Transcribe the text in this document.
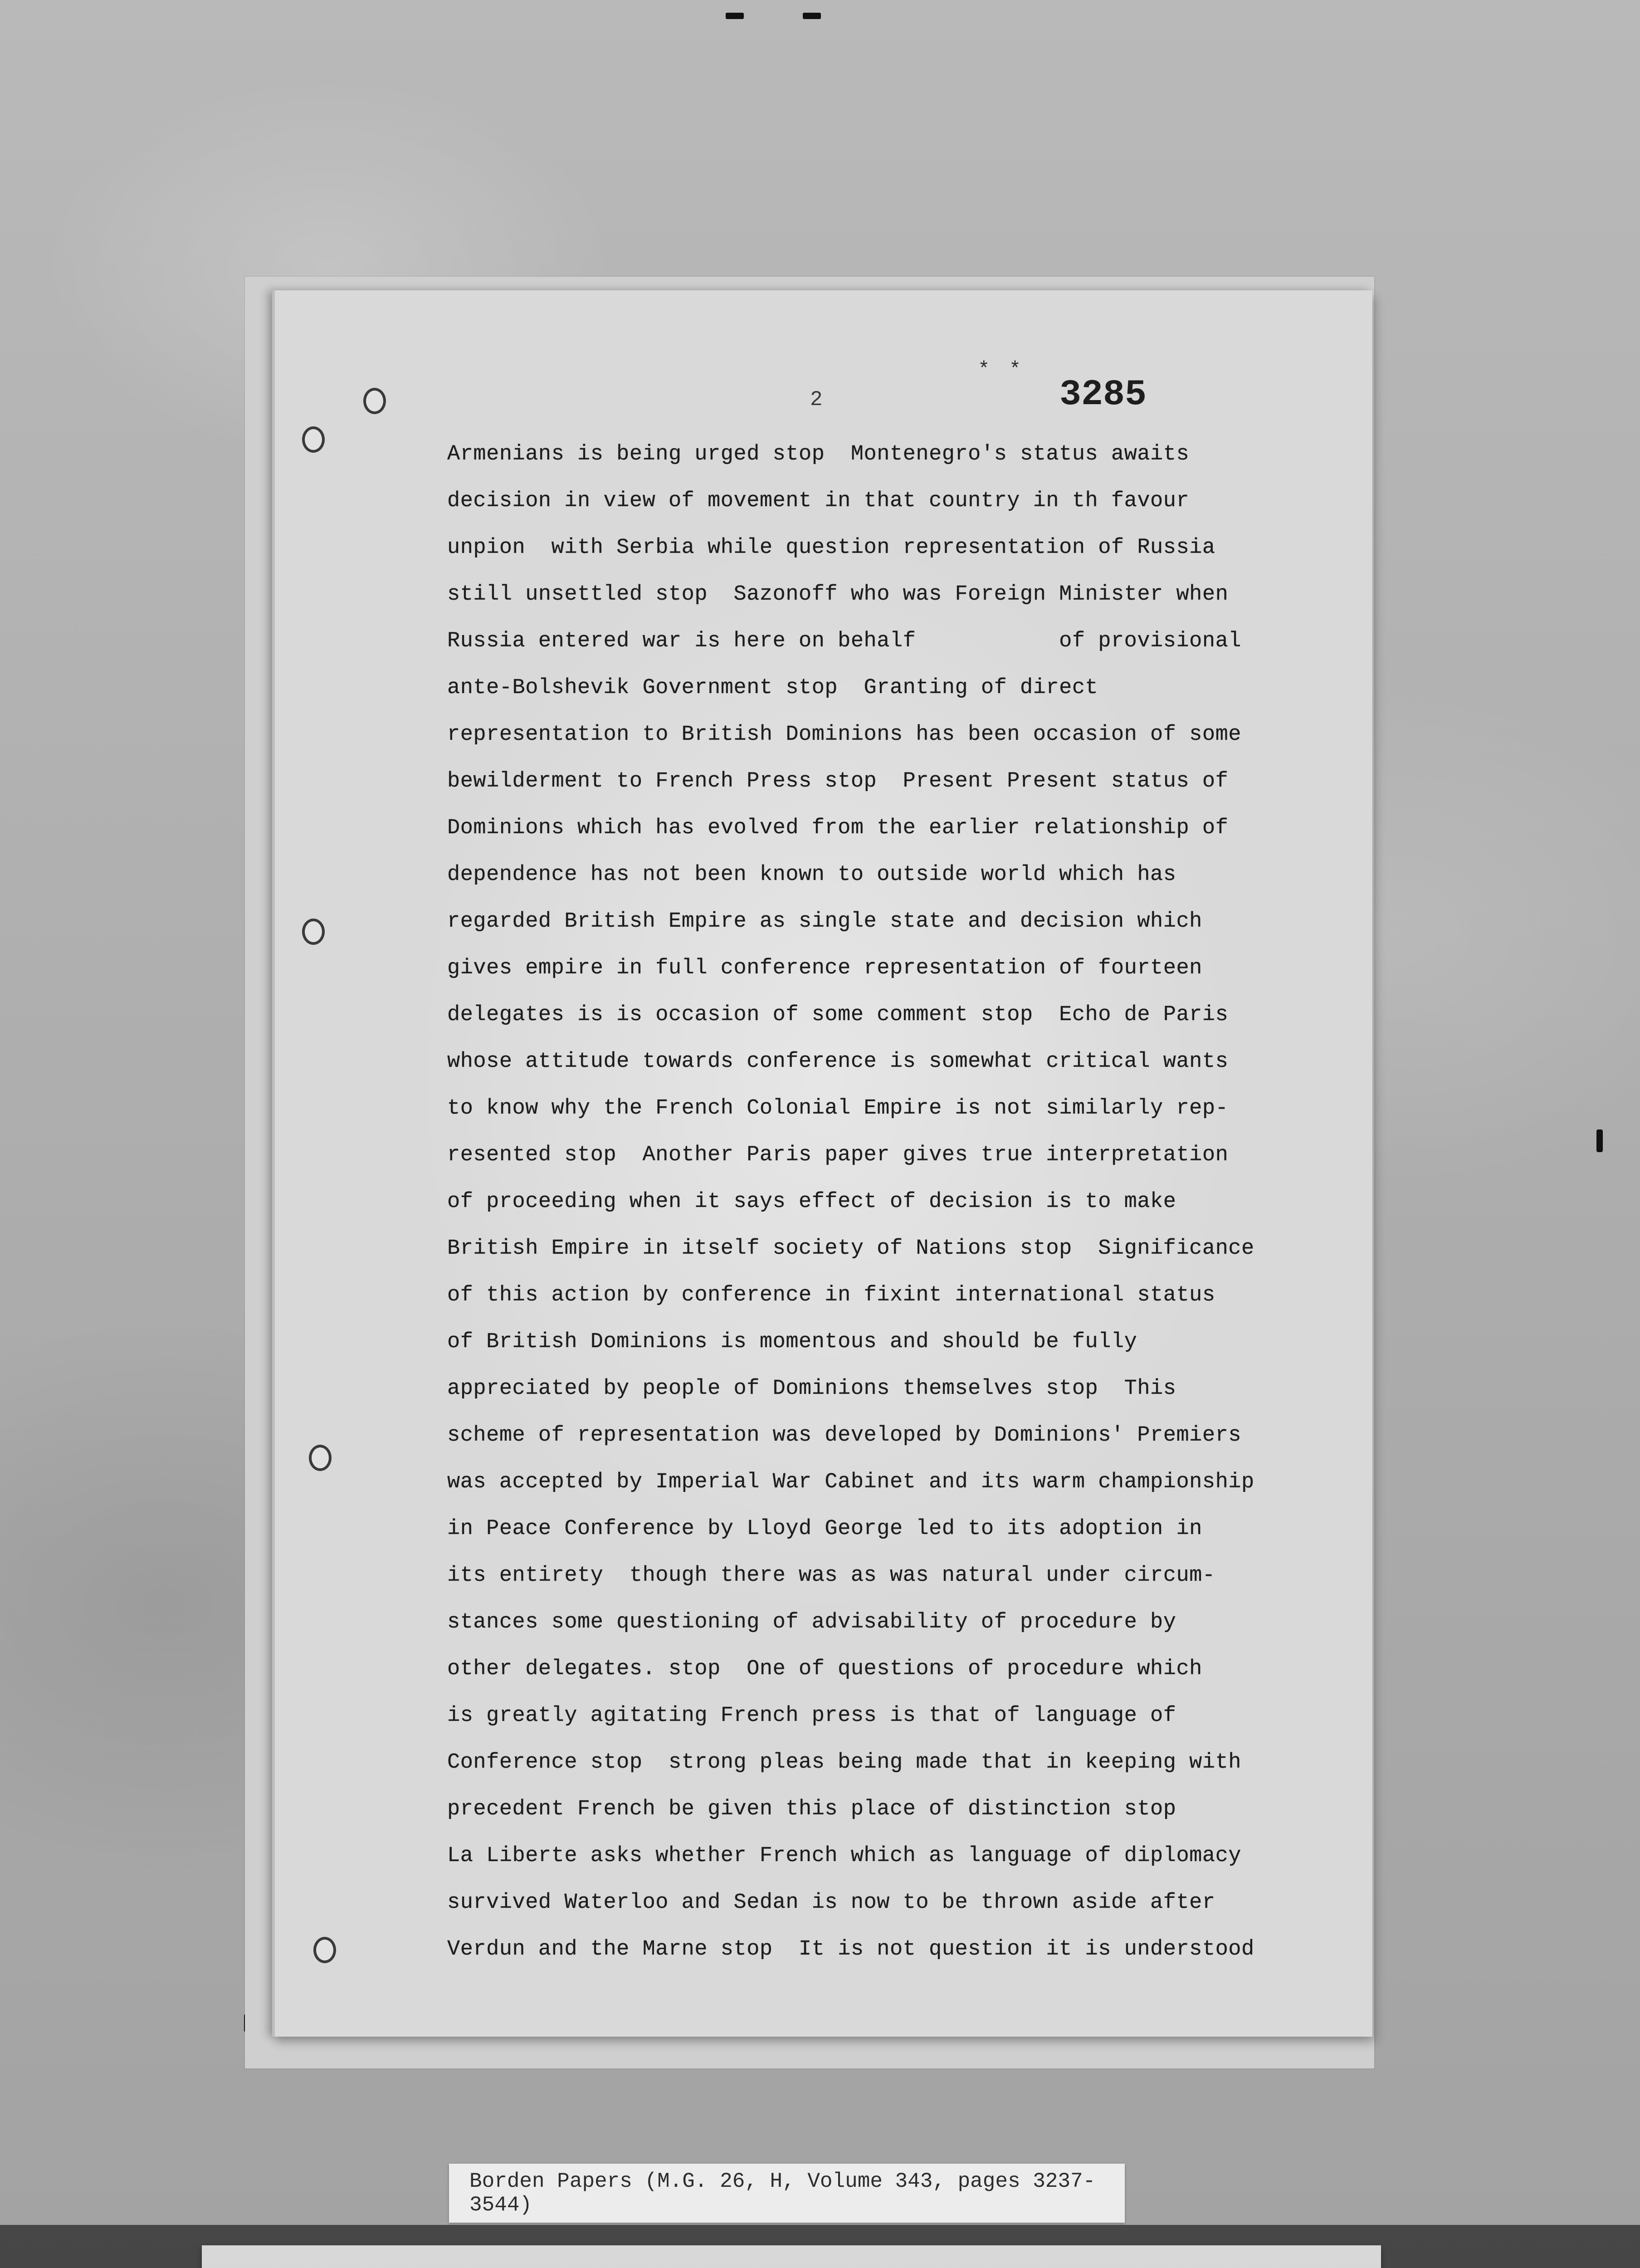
2
* *
3285
Armenians is being urged stop  Montenegro's status awaits
decision in view of movement in that country in th favour
unpion  with Serbia while question representation of Russia
still unsettled stop  Sazonoff who was Foreign Minister when
Russia entered war is here on behalf           of provisional
ante-Bolshevik Government stop  Granting of direct
representation to British Dominions has been occasion of some
bewilderment to French Press stop  Present Present status of
Dominions which has evolved from the earlier relationship of
dependence has not been known to outside world which has
regarded British Empire as single state and decision which
gives empire in full conference representation of fourteen
delegates is is occasion of some comment stop  Echo de Paris
whose attitude towards conference is somewhat critical wants
to know why the French Colonial Empire is not similarly rep-
resented stop  Another Paris paper gives true interpretation
of proceeding when it says effect of decision is to make
British Empire in itself society of Nations stop  Significance
of this action by conference in fixint international status
of British Dominions is momentous and should be fully
appreciated by people of Dominions themselves stop  This
scheme of representation was developed by Dominions' Premiers
was accepted by Imperial War Cabinet and its warm championship
in Peace Conference by Lloyd George led to its adoption in
its entirety  though there was as was natural under circum-
stances some questioning of advisability of procedure by
other delegates. stop  One of questions of procedure which
is greatly agitating French press is that of language of
Conference stop  strong pleas being made that in keeping with
precedent French be given this place of distinction stop
La Liberte asks whether French which as language of diplomacy
survived Waterloo and Sedan is now to be thrown aside after
Verdun and the Marne stop  It is not question it is understood
Borden Papers (M.G. 26, H, Volume 343, pages 3237-3544)
